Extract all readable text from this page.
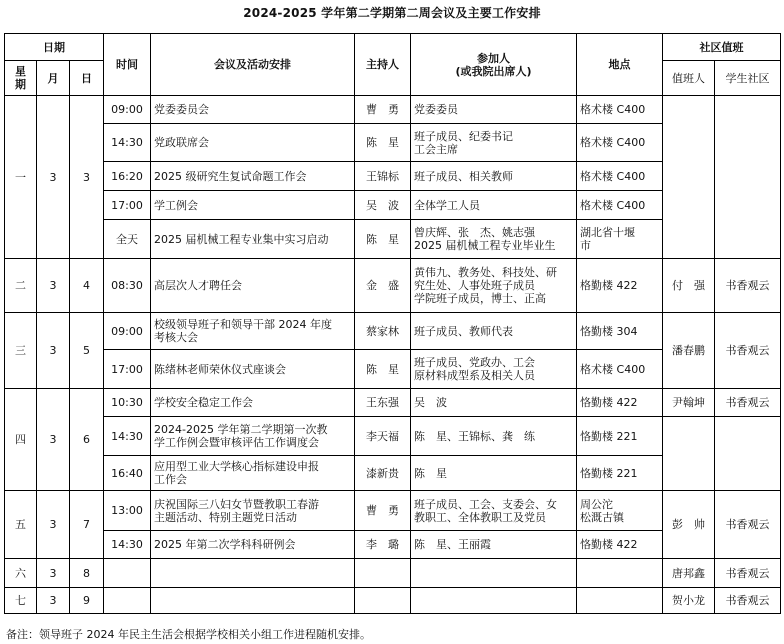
2024-2025 学年第二学期第二周会议及主要工作安排
日期			时间	会议及活动安排	主持人	参加人
(或我院出席人)	地点	社区值班	
星期	月	日						值班人	学生社区
一	3	3	09:00	党委委员会	曹　勇	党委委员	格术楼 C400		
			14:30	党政联席会	陈　星	班子成员、纪委书记
工会主席	格术楼 C400		
			16:20	2025 级研究生复试命题工作会	王锦标	班子成员、相关教师	格术楼 C400		
			17:00	学工例会	吴　波	全体学工人员	格术楼 C400		
			全天	2025 届机械工程专业集中实习启动	陈　星	曾庆辉、张　杰、姚志强
2025 届机械工程专业毕业生	湖北省十堰
市		
二	3	4	08:30	高层次人才聘任会	金　盛	黄伟九、教务处、科技处、研
究生处、人事处班子成员
学院班子成员，博士、正高	格勤楼 422	付　强	书香观云
三	3	5	09:00	校级领导班子和领导干部 2024 年度
考核大会	蔡家林	班子成员、教师代表	恪勤楼 304	潘春鹏	书香观云
			17:00	陈绪林老师荣休仪式座谈会	陈　星	班子成员、党政办、工会
原材料成型系及相关人员	格术楼 C400		
四	3	6	10:30	学校安全稳定工作会	王东强	吴　波	恪勤楼 422	尹翰坤	书香观云
			14:30	2024-2025 学年第二学期第一次教
学工作例会暨审核评估工作调度会	李天福	陈　星、王锦标、龚　练	恪勤楼 221		
			16:40	应用型工业大学核心指标建设申报
工作会	漆新贵	陈　星	恪勤楼 221		
五	3	7	13:00	庆祝国际三八妇女节暨教职工春游
主题活动、特别主题党日活动	曹　勇	班子成员、工会、支委会、女
教职工、全体教职工及党员	周公沱
松溉古镇	彭　帅	书香观云
			14:30	2025 年第二次学科科研例会	李　璐	陈　星、王丽霞	恪勤楼 422		
六	3	8						唐邦鑫	书香观云
七	3	9						贺小龙	书香观云
备注：领导班子 2024 年民主生活会根据学校相关小组工作进程随机安排。
